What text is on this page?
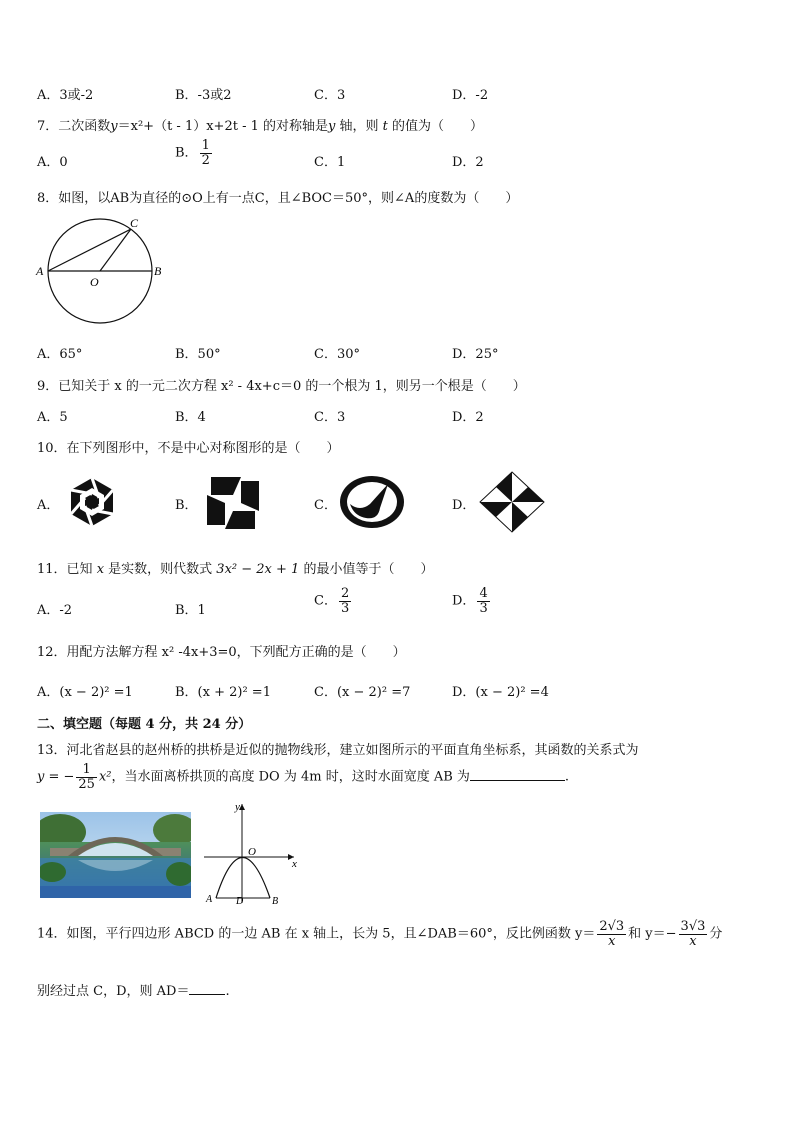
A．3或-2	B．-3或2	C．3	D．-2
7．二次函数y＝x²+（t - 1）x+2t - 1 的对称轴是y 轴，则 t 的值为（　　）
A．0
B． $\frac{1}{2}$	C．1	D．2
8．如图，以AB为直径的⊙O上有一点C，且∠BOC＝50°，则∠A的度数为（　　）
A	B
C
O
A．65°	B．50°	C．30°	D．25°
9．已知关于 x 的一元二次方程 x² - 4x+c＝0 的一个根为 1，则另一个根是（　　）
A．5	B．4	C．3	D．2
10．在下列图形中，不是中心对称图形的是（　　）
A．	B．	C．	D．
11．已知 x 是实数，则代数式 3x² − 2x + 1 的最小值等于（　　）
A．-2	B．1
C． $\frac{2}{3}$	D． $\frac{4}{3}$
12．用配方法解方程 x² -4x+3=0，下列配方正确的是（　　）
A．(x − 2)² =1	B．(x + 2)² =1	C．(x − 2)² =7	D．(x − 2)² =4
二、填空题（每题 4 分，共 24 分）
13．河北省赵县的赵州桥的拱桥是近似的抛物线形，建立如图所示的平面直角坐标系，其函数的关系式为
y = − $\frac{1}{25} x^2$，当水面离桥拱顶的高度 DO 为 4m 时，这时水面宽度 AB 为	.
y
x
O
A D	B
14．如图，平行四边形 ABCD 的一边 AB 在 x 轴上，长为 5，且∠DAB＝60°，反比例函数 $y= \frac{2√3}{x}$ 和 $y=- \frac{3√3}{x}$ 分
别经过点 C，D，则 AD＝	.
